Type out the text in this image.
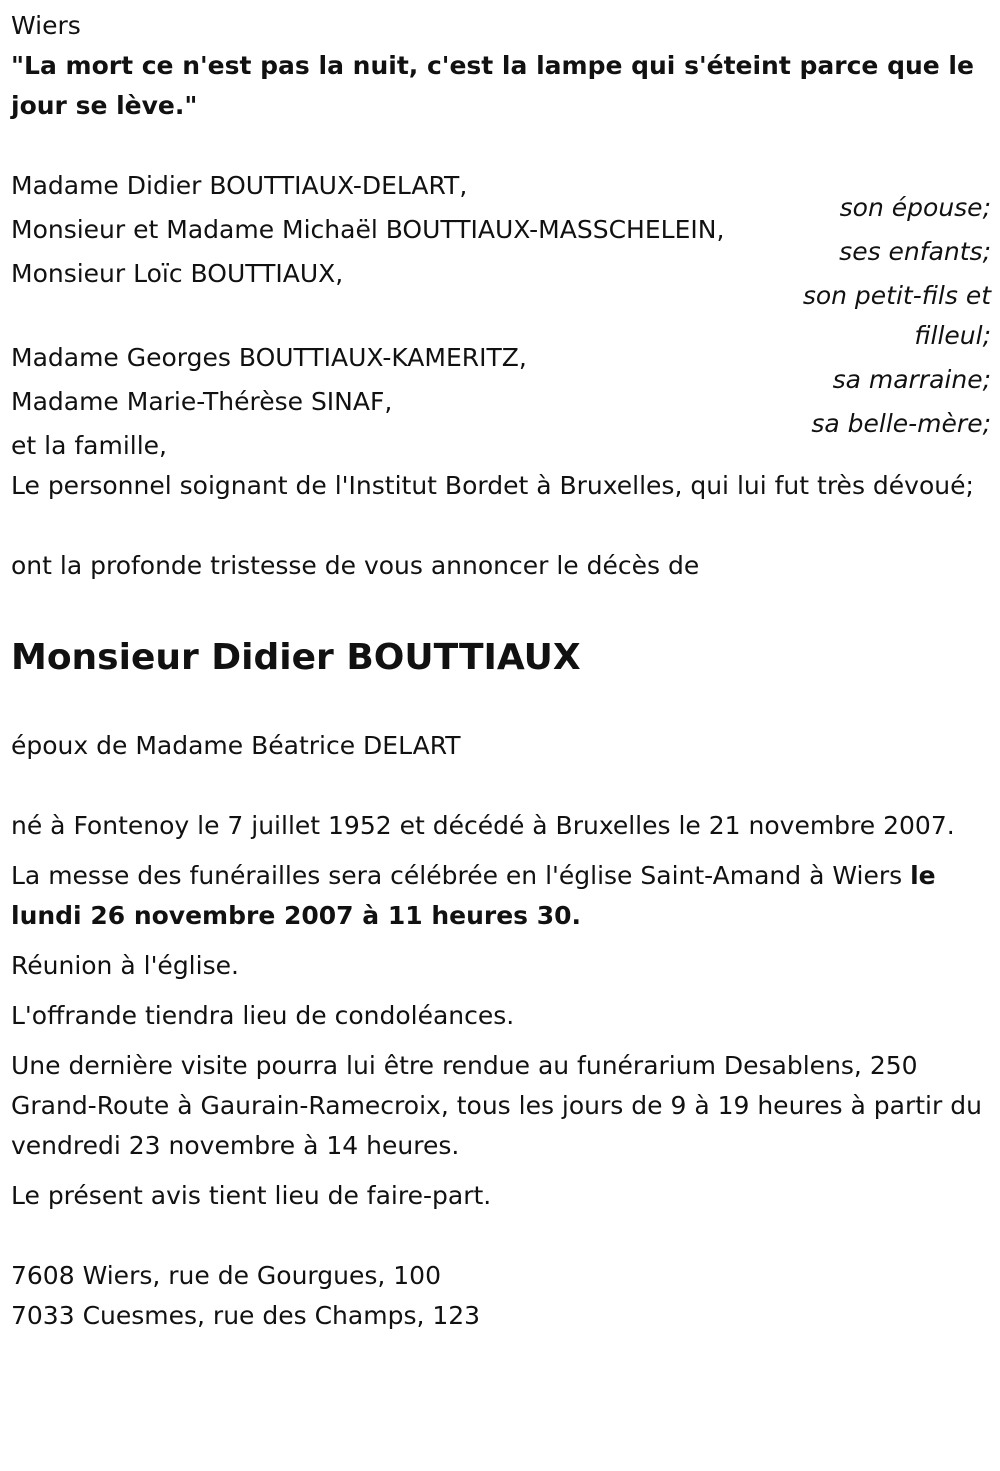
Wiers
"La mort ce n'est pas la nuit, c'est la lampe qui s'éteint parce que le jour se lève."
Madame Didier BOUTTIAUX-DELART,
son épouse;
Monsieur et Madame Michaël BOUTTIAUX-MASSCHELEIN,
ses enfants;
Monsieur Loïc BOUTTIAUX,
son petit-fils et
filleul;
Madame Georges BOUTTIAUX-KAMERITZ,
sa marraine;
Madame Marie-Thérèse SINAF,
sa belle-mère;
et la famille,
Le personnel soignant de l'Institut Bordet à Bruxelles, qui lui fut très dévoué;
ont la profonde tristesse de vous annoncer le décès de
Monsieur Didier BOUTTIAUX
époux de Madame Béatrice DELART
né à Fontenoy le 7 juillet 1952 et décédé à Bruxelles le 21 novembre 2007.
La messe des funérailles sera célébrée en l'église Saint-Amand à Wiers le lundi 26 novembre 2007 à 11 heures 30.
Réunion à l'église.
L'offrande tiendra lieu de condoléances.
Une dernière visite pourra lui être rendue au funérarium Desablens, 250 Grand-Route à Gaurain-Ramecroix, tous les jours de 9 à 19 heures à partir du vendredi 23 novembre à 14 heures.
Le présent avis tient lieu de faire-part.
7608 Wiers, rue de Gourgues, 100
7033 Cuesmes, rue des Champs, 123
